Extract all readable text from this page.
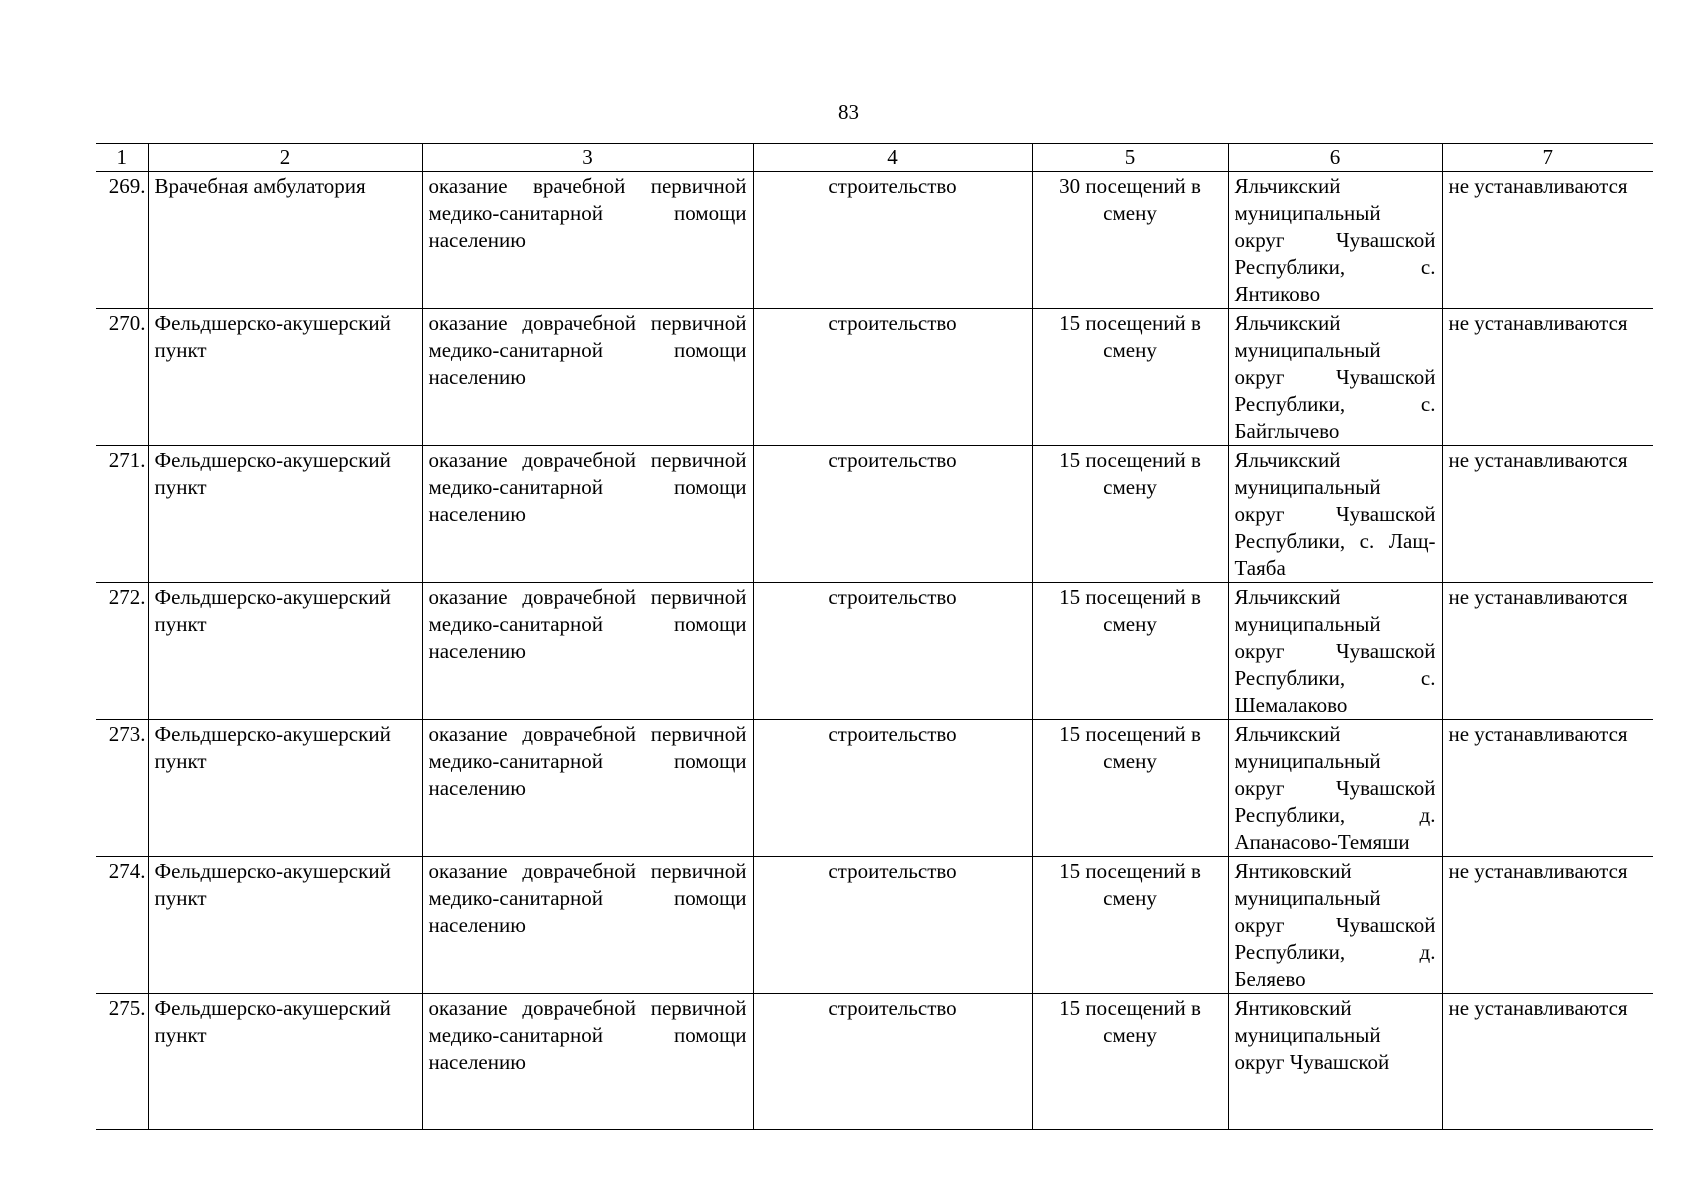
83
1	2	3	4	5	6	7
269.	Врачебная амбулатория	оказание врачебной первичной медико-санитарной помощи населению	строительство	30 посещений в смену	Яльчикский муниципальный округ Чувашской Республики, с. Янтиково	не устанавливаются
270.	Фельдшерско-акушерский пункт	оказание доврачебной первичной медико-санитарной помощи населению	строительство	15 посещений в смену	Яльчикский муниципальный округ Чувашской Республики, с. Байглычево	не устанавливаются
271.	Фельдшерско-акушерский пункт	оказание доврачебной первичной медико-санитарной помощи населению	строительство	15 посещений в смену	Яльчикский муниципальный округ Чувашской Республики, с. Лащ-Таяба	не устанавливаются
272.	Фельдшерско-акушерский пункт	оказание доврачебной первичной медико-санитарной помощи населению	строительство	15 посещений в смену	Яльчикский муниципальный округ Чувашской Республики, с. Шемалаково	не устанавливаются
273.	Фельдшерско-акушерский пункт	оказание доврачебной первичной медико-санитарной помощи населению	строительство	15 посещений в смену	Яльчикский муниципальный округ Чувашской Республики, д. Апанасово-Темяши	не устанавливаются
274.	Фельдшерско-акушерский пункт	оказание доврачебной первичной медико-санитарной помощи населению	строительство	15 посещений в смену	Янтиковский муниципальный округ Чувашской Республики, д. Беляево	не устанавливаются
275.	Фельдшерско-акушерский пункт	оказание доврачебной первичной медико-санитарной помощи населению	строительство	15 посещений в смену	Янтиковский муниципальный округ Чувашской	не устанавливаются
